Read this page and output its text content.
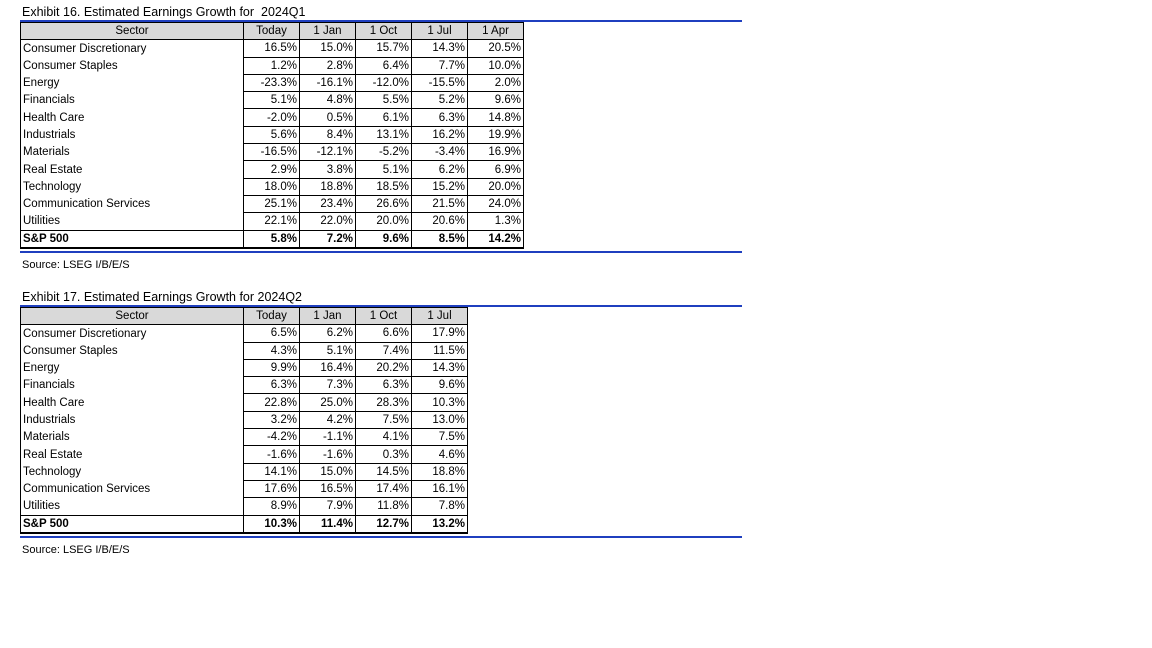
Exhibit 16. Estimated Earnings Growth for  2024Q1
Sector	Today	1 Jan	1 Oct	1 Jul	1 Apr
Consumer Discretionary	16.5%	15.0%	15.7%	14.3%	20.5%
Consumer Staples	1.2%	2.8%	6.4%	7.7%	10.0%
Energy	-23.3%	-16.1%	-12.0%	-15.5%	2.0%
Financials	5.1%	4.8%	5.5%	5.2%	9.6%
Health Care	-2.0%	0.5%	6.1%	6.3%	14.8%
Industrials	5.6%	8.4%	13.1%	16.2%	19.9%
Materials	-16.5%	-12.1%	-5.2%	-3.4%	16.9%
Real Estate	2.9%	3.8%	5.1%	6.2%	6.9%
Technology	18.0%	18.8%	18.5%	15.2%	20.0%
Communication Services	25.1%	23.4%	26.6%	21.5%	24.0%
Utilities	22.1%	22.0%	20.0%	20.6%	1.3%
S&P 500	5.8%	7.2%	9.6%	8.5%	14.2%
Source: LSEG I/B/E/S
Exhibit 17. Estimated Earnings Growth for 2024Q2
Sector	Today	1 Jan	1 Oct	1 Jul
Consumer Discretionary	6.5%	6.2%	6.6%	17.9%
Consumer Staples	4.3%	5.1%	7.4%	11.5%
Energy	9.9%	16.4%	20.2%	14.3%
Financials	6.3%	7.3%	6.3%	9.6%
Health Care	22.8%	25.0%	28.3%	10.3%
Industrials	3.2%	4.2%	7.5%	13.0%
Materials	-4.2%	-1.1%	4.1%	7.5%
Real Estate	-1.6%	-1.6%	0.3%	4.6%
Technology	14.1%	15.0%	14.5%	18.8%
Communication Services	17.6%	16.5%	17.4%	16.1%
Utilities	8.9%	7.9%	11.8%	7.8%
S&P 500	10.3%	11.4%	12.7%	13.2%
Source: LSEG I/B/E/S
